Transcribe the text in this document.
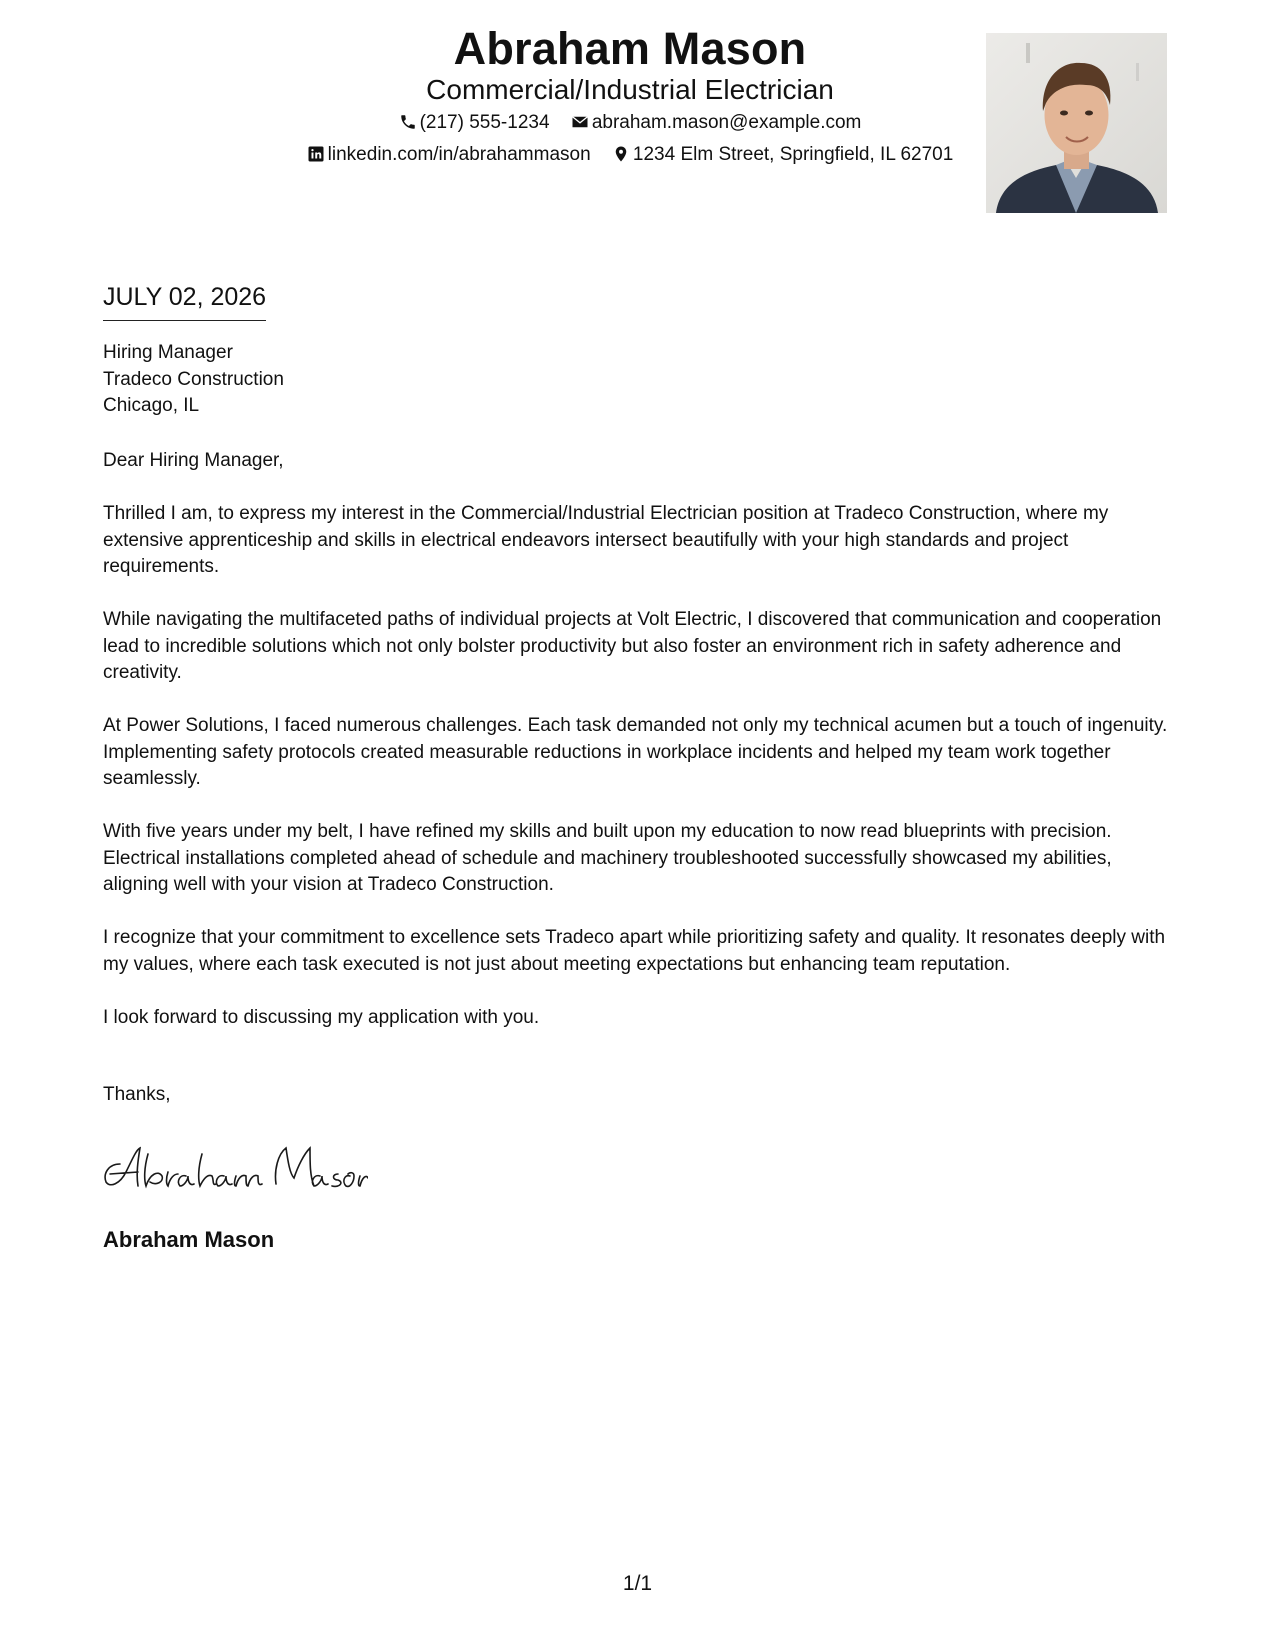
Abraham Mason
Commercial/Industrial Electrician
(217) 555-1234 abraham.mason@example.com
linkedin.com/in/abrahammason 1234 Elm Street, Springfield, IL 62701
JULY 02, 2026
Hiring Manager
Tradeco Construction
Chicago, IL

Dear Hiring Manager,

Thrilled I am, to express my interest in the Commercial/Industrial Electrician position at Tradeco Construction, where my extensive apprenticeship and skills in electrical endeavors intersect beautifully with your high standards and project requirements.

While navigating the multifaceted paths of individual projects at Volt Electric, I discovered that communication and cooperation lead to incredible solutions which not only bolster productivity but also foster an environment rich in safety adherence and creativity.

At Power Solutions, I faced numerous challenges. Each task demanded not only my technical acumen but a touch of ingenuity. Implementing safety protocols created measurable reductions in workplace incidents and helped my team work together seamlessly.

With five years under my belt, I have refined my skills and built upon my education to now read blueprints with precision. Electrical installations completed ahead of schedule and machinery troubleshooted successfully showcased my abilities, aligning well with your vision at Tradeco Construction.

I recognize that your commitment to excellence sets Tradeco apart while prioritizing safety and quality. It resonates deeply with my values, where each task executed is not just about meeting expectations but enhancing team reputation.

I look forward to discussing my application with you.

Thanks,
Abraham Mason
1/1
